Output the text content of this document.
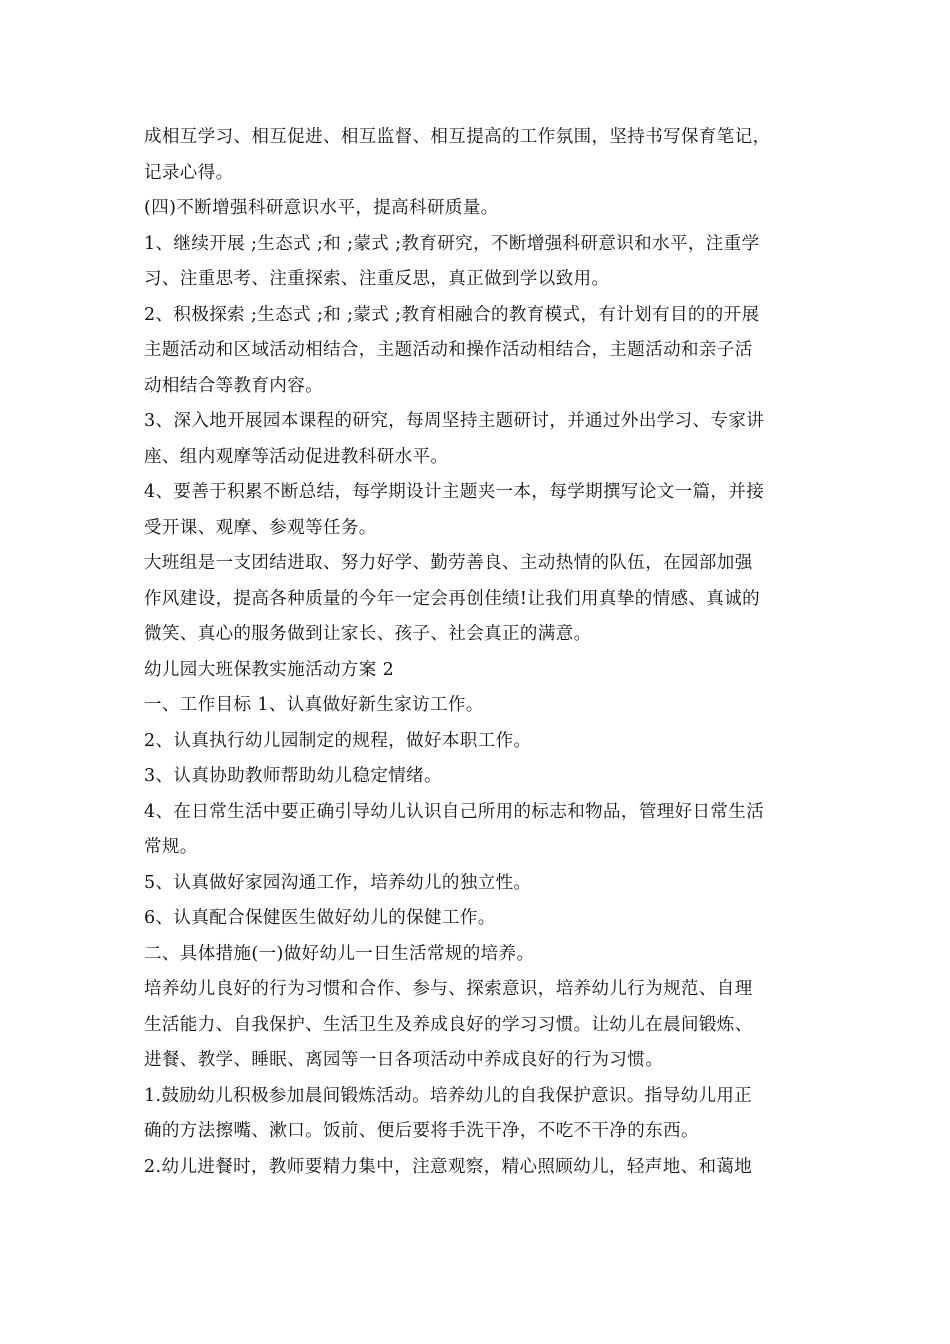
成相互学习、相互促进、相互监督、相互提高的工作氛围，坚持书写保育笔记，
记录心得。
(四)不断增强科研意识水平，提高科研质量。
1、继续开展 ;生态式 ;和 ;蒙式 ;教育研究，不断增强科研意识和水平，注重学
习、注重思考、注重探索、注重反思，真正做到学以致用。
2、积极探索 ;生态式 ;和 ;蒙式 ;教育相融合的教育模式，有计划有目的的开展
主题活动和区域活动相结合，主题活动和操作活动相结合，主题活动和亲子活
动相结合等教育内容。
3、深入地开展园本课程的研究，每周坚持主题研讨，并通过外出学习、专家讲
座、组内观摩等活动促进教科研水平。
4、要善于积累不断总结，每学期设计主题夹一本，每学期撰写论文一篇，并接
受开课、观摩、参观等任务。
大班组是一支团结进取、努力好学、勤劳善良、主动热情的队伍，在园部加强
作风建设，提高各种质量的今年一定会再创佳绩!让我们用真挚的情感、真诚的
微笑、真心的服务做到让家长、孩子、社会真正的满意。
幼儿园大班保教实施活动方案 2
一、工作目标 1、认真做好新生家访工作。
2、认真执行幼儿园制定的规程，做好本职工作。
3、认真协助教师帮助幼儿稳定情绪。
4、在日常生活中要正确引导幼儿认识自己所用的标志和物品，管理好日常生活
常规。
5、认真做好家园沟通工作，培养幼儿的独立性。
6、认真配合保健医生做好幼儿的保健工作。
二、具体措施(一)做好幼儿一日生活常规的培养。
培养幼儿良好的行为习惯和合作、参与、探索意识，培养幼儿行为规范、自理
生活能力、自我保护、生活卫生及养成良好的学习习惯。让幼儿在晨间锻炼、
进餐、教学、睡眠、离园等一日各项活动中养成良好的行为习惯。
1.鼓励幼儿积极参加晨间锻炼活动。培养幼儿的自我保护意识。指导幼儿用正
确的方法擦嘴、漱口。饭前、便后要将手洗干净，不吃不干净的东西。
2.幼儿进餐时，教师要精力集中，注意观察，精心照顾幼儿，轻声地、和蔼地
